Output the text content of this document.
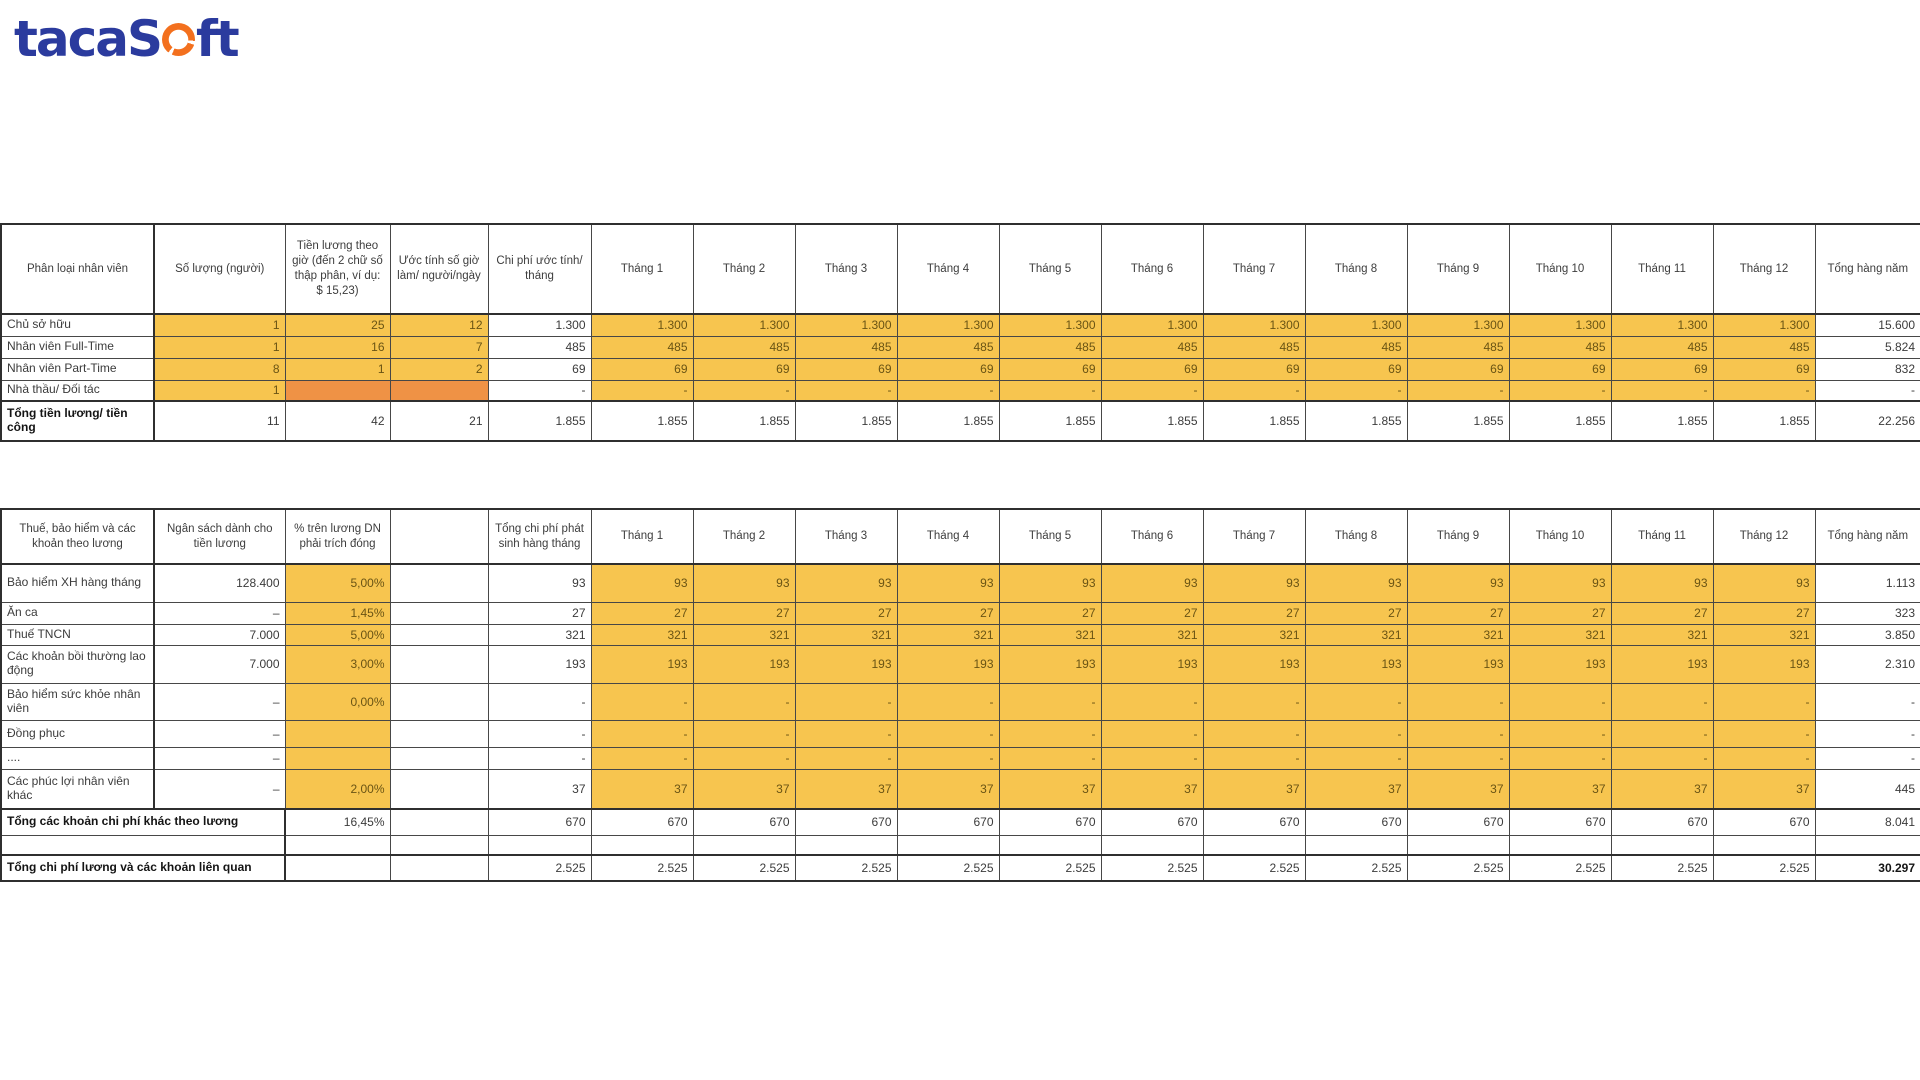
tacaS ft
Phân loại nhân viên	Số lượng (người)	Tiền lương theo giờ (đến 2 chữ số thập phân, ví dụ: $ 15,23)	Ước tính số giờ làm/ người/ngày	Chi phí ước tính/ tháng	Tháng 1	Tháng 2	Tháng 3	Tháng 4	Tháng 5	Tháng 6	Tháng 7	Tháng 8	Tháng 9	Tháng 10	Tháng 11	Tháng 12	Tổng hàng năm
Chủ sở hữu	1	25	12	1.300	1.300	1.300	1.300	1.300	1.300	1.300	1.300	1.300	1.300	1.300	1.300	1.300	15.600
Nhân viên Full-Time	1	16	7	485	485	485	485	485	485	485	485	485	485	485	485	485	5.824
Nhân viên Part-Time	8	1	2	69	69	69	69	69	69	69	69	69	69	69	69	69	832
Nhà thầu/ Đối tác	1			-	-	-	-	-	-	-	-	-	-	-	-	-	-
Tổng tiền lương/ tiền công	11	42	21	1.855	1.855	1.855	1.855	1.855	1.855	1.855	1.855	1.855	1.855	1.855	1.855	1.855	22.256
Thuế, bảo hiểm và các khoản theo lương	Ngân sách dành cho tiền lương	% trên lương DN phải trích đóng		Tổng chi phí phát sinh hàng tháng	Tháng 1	Tháng 2	Tháng 3	Tháng 4	Tháng 5	Tháng 6	Tháng 7	Tháng 8	Tháng 9	Tháng 10	Tháng 11	Tháng 12	Tổng hàng năm
Bảo hiểm XH hàng tháng	128.400	5,00%		93	93	93	93	93	93	93	93	93	93	93	93	93	1.113
Ăn ca	–	1,45%		27	27	27	27	27	27	27	27	27	27	27	27	27	323
Thuế TNCN	7.000	5,00%		321	321	321	321	321	321	321	321	321	321	321	321	321	3.850
Các khoản bồi thường lao động	7.000	3,00%		193	193	193	193	193	193	193	193	193	193	193	193	193	2.310
Bảo hiểm sức khỏe nhân viên	–	0,00%		-	-	-	-	-	-	-	-	-	-	-	-	-	-
Đồng phục	–			-	-	-	-	-	-	-	-	-	-	-	-	-	-
....	–			-	-	-	-	-	-	-	-	-	-	-	-	-	-
Các phúc lợi nhân viên khác	–	2,00%		37	37	37	37	37	37	37	37	37	37	37	37	37	445
Tổng các khoản chi phí khác theo lương		16,45%		670	670	670	670	670	670	670	670	670	670	670	670	670	8.041

Tổng chi phí lương và các khoản liên quan				2.525	2.525	2.525	2.525	2.525	2.525	2.525	2.525	2.525	2.525	2.525	2.525	2.525	30.297
